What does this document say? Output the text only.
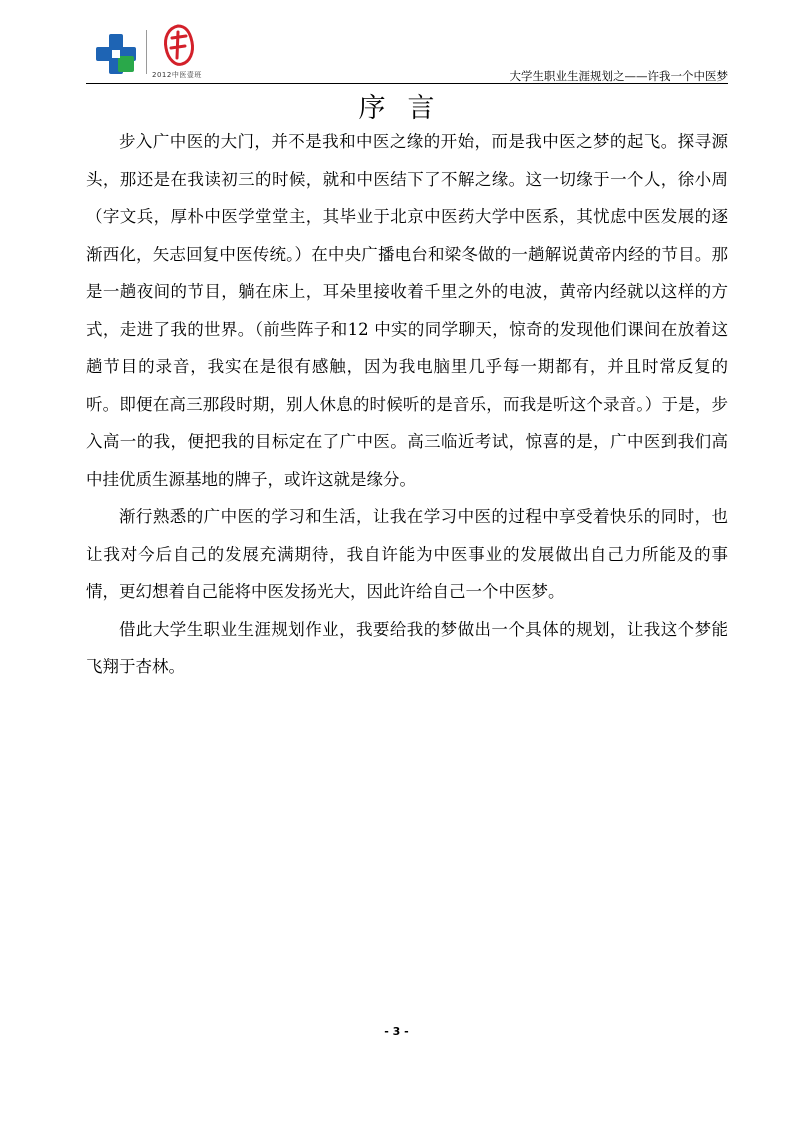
2012中医壹班	大学生职业生涯规划之——许我一个中医梦
序言

步入广中医的大门，并不是我和中医之缘的开始，而是我中医之梦的起飞。探寻源头，那还是在我读初三的时候，就和中医结下了不解之缘。这一切缘于一个人，徐小周（字文兵，厚朴中医学堂堂主，其毕业于北京中医药大学中医系，其忧虑中医发展的逐渐西化，矢志回复中医传统。）在中央广播电台和梁冬做的一趟解说黄帝内经的节目。那是一趟夜间的节目，躺在床上，耳朵里接收着千里之外的电波，黄帝内经就以这样的方式，走进了我的世界。（前些阵子和12 中实的同学聊天，惊奇的发现他们课间在放着这趟节目的录音，我实在是很有感触，因为我电脑里几乎每一期都有，并且时常反复的听。即便在高三那段时期，别人休息的时候听的是音乐，而我是听这个录音。）于是，步入高一的我，便把我的目标定在了广中医。高三临近考试，惊喜的是，广中医到我们高中挂优质生源基地的牌子，或许这就是缘分。

渐行熟悉的广中医的学习和生活，让我在学习中医的过程中享受着快乐的同时，也让我对今后自己的发展充满期待，我自许能为中医事业的发展做出自己力所能及的事情，更幻想着自己能将中医发扬光大，因此许给自己一个中医梦。

借此大学生职业生涯规划作业，我要给我的梦做出一个具体的规划，让我这个梦能飞翔于杏林。

- 3 -
